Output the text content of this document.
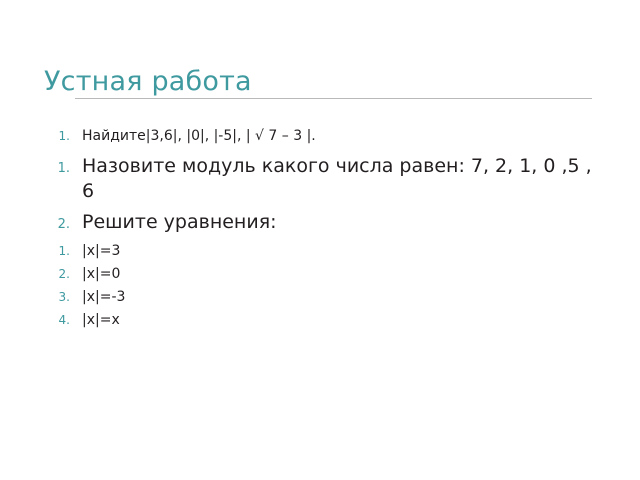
Устная работа
1. Найдите|3,6|, |0|, |-5|, | √ 7 – 3 |.
1. Назовите модуль какого числа равен: 7, 2, 1, 0 ,5 , 6
2. Решите уравнения:
1. |x|=3
2. |x|=0
3. |x|=-3
4. |x|=x
